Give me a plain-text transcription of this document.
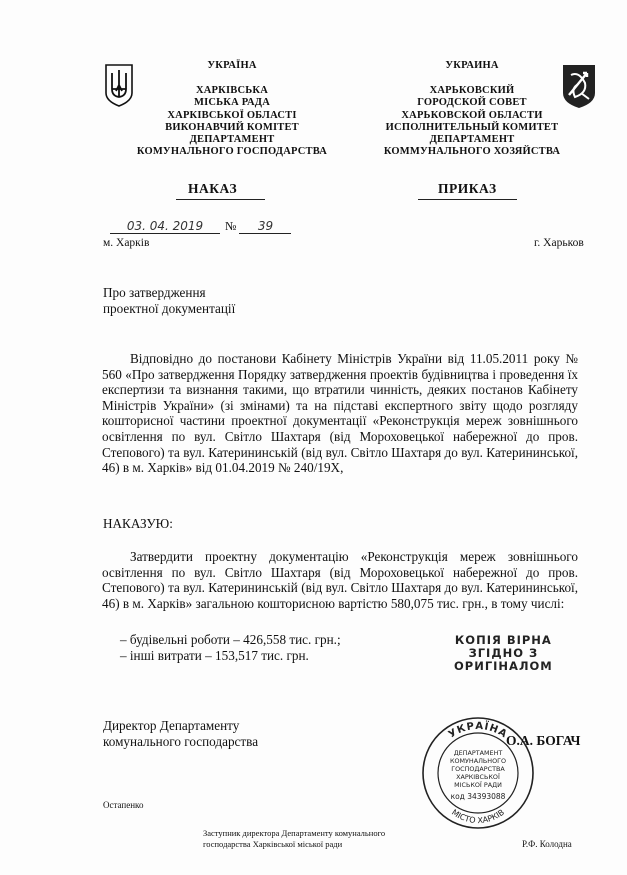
УКРАЇНА
ХАРКІВСЬКА
МІСЬКА РАДА
ХАРКІВСЬКОЇ ОБЛАСТІ
ВИКОНАВЧИЙ КОМІТЕТ
ДЕПАРТАМЕНТ
КОМУНАЛЬНОГО ГОСПОДАРСТВА
УКРАИНА
ХАРЬКОВСКИЙ
ГОРОДСКОЙ СОВЕТ
ХАРЬКОВСКОЙ ОБЛАСТИ
ИСПОЛНИТЕЛЬНЫЙ КОМИТЕТ
ДЕПАРТАМЕНТ
КОММУНАЛЬНОГО ХОЗЯЙСТВА
НАКАЗ	ПРИКАЗ
03. 04. 2019 № 39
м. Харків	г. Харьков
Про затвердження
проектної документації
Відповідно до постанови Кабінету Міністрів України від 11.05.2011 року № 560 «Про затвердження Порядку затвердження проектів будівництва і проведення їх експертизи та визнання такими, що втратили чинність, деяких постанов Кабінету Міністрів України» (зі змінами) та на підставі експертного звіту щодо розгляду кошторисної частини проектної документації «Реконструкція мереж зовнішнього освітлення по вул. Світло Шахтаря (від Мороховецької набережної до пров. Степового) та вул. Катерининській (від вул. Світло Шахтаря до вул. Катерининської, 46) в м. Харків» від 01.04.2019 № 240/19Х,
НАКАЗУЮ:
Затвердити проектну документацію «Реконструкція мереж зовнішнього освітлення по вул. Світло Шахтаря (від Мороховецької набережної до пров. Степового) та вул. Катерининській (від вул. Світло Шахтаря до вул. Катерининської, 46) в м. Харків» загальною кошторисною вартістю 580,075 тис. грн., в тому числі:
– будівельні роботи – 426,558 тис. грн.;
– інші витрати – 153,517 тис. грн.
КОПІЯ ВІРНА
ЗГІДНО З
ОРИГІНАЛОМ
Директор Департаменту
комунального господарства
УКРАЇНА
МІСТО ХАРКІВ
ДЕПАРТАМЕНТ
КОМУНАЛЬНОГО
ГОСПОДАРСТВА
ХАРКІВСЬКОЇ
МІСЬКОЇ РАДИ
код 34393088
О.А. БОГАЧ
Остапенко
Заступник директора Департаменту комунального
господарства Харківської міської ради	Р.Ф. Колодна
